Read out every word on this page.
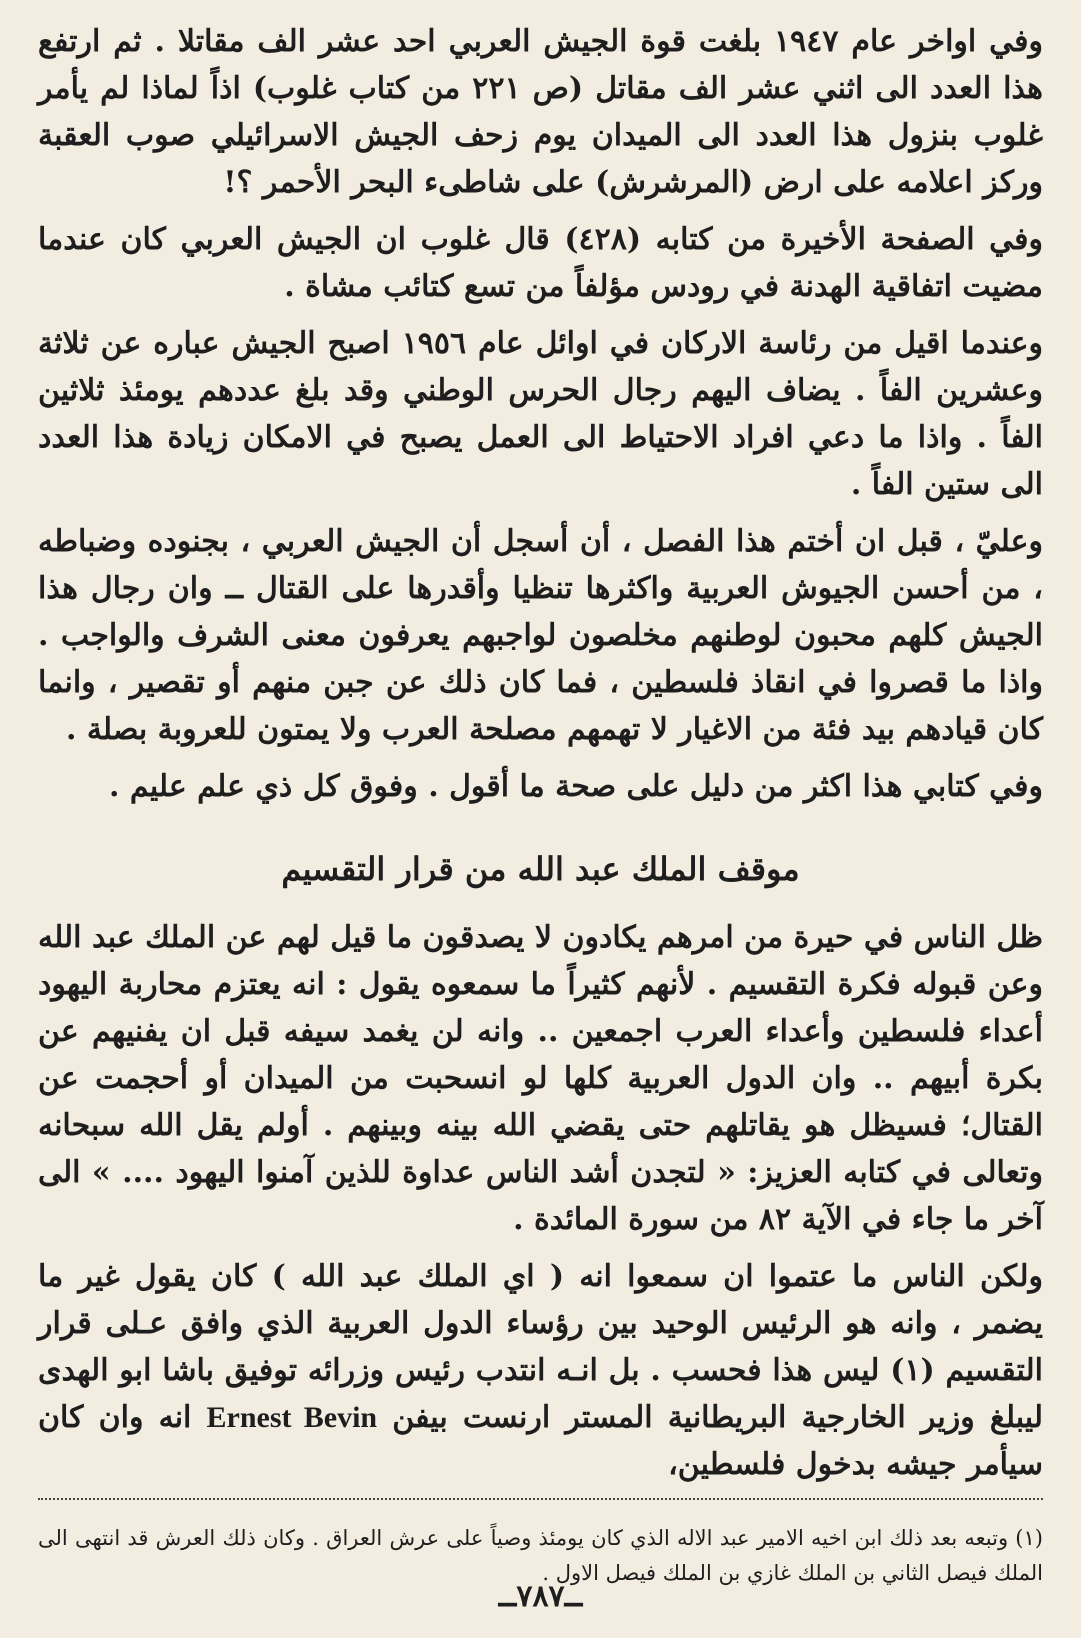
وفي اواخر عام ١٩٤٧ بلغت قوة الجيش العربي احد عشر الف مقاتلا . ثم ارتفع هذا العدد الى اثني عشر الف مقاتل (ص ٢٢١ من كتاب غلوب) اذاً لماذا لم يأمر غلوب بنزول هذا العدد الى الميدان يوم زحف الجيش الاسرائيلي صوب العقبة وركز اعلامه على ارض (المرشرش) على شاطىء البحر الأحمر ؟!

وفي الصفحة الأخيرة من كتابه (٤٢٨) قال غلوب ان الجيش العربي كان عندما مضيت اتفاقية الهدنة في رودس مؤلفاً من تسع كتائب مشاة .

وعندما اقيل من رئاسة الاركان في اوائل عام ١٩٥٦ اصبح الجيش عباره عن ثلاثة وعشرين الفاً . يضاف اليهم رجال الحرس الوطني وقد بلغ عددهم يومئذ ثلاثين الفاً . واذا ما دعي افراد الاحتياط الى العمل يصبح في الامكان زيادة هذا العدد الى ستين الفاً .

وعليّ ، قبل ان أختم هذا الفصل ، أن أسجل أن الجيش العربي ، بجنوده وضباطه ، من أحسن الجيوش العربية واكثرها تنظيا وأقدرها على القتال ــ وان رجال هذا الجيش كلهم محبون لوطنهم مخلصون لواجبهم يعرفون معنى الشرف والواجب . واذا ما قصروا في انقاذ فلسطين ، فما كان ذلك عن جبن منهم أو تقصير ، وانما كان قيادهم بيد فئة من الاغيار لا تهمهم مصلحة العرب ولا يمتون للعروبة بصلة .

وفي كتابي هذا اكثر من دليل على صحة ما أقول . وفوق كل ذي علم عليم .

موقف الملك عبد الله من قرار التقسيم

ظل الناس في حيرة من امرهم يكادون لا يصدقون ما قيل لهم عن الملك عبد الله وعن قبوله فكرة التقسيم . لأنهم كثيراً ما سمعوه يقول : انه يعتزم محاربة اليهود أعداء فلسطين وأعداء العرب اجمعين .. وانه لن يغمد سيفه قبل ان يفنيهم عن بكرة أبيهم .. وان الدول العربية كلها لو انسحبت من الميدان أو أحجمت عن القتال؛ فسيظل هو يقاتلهم حتى يقضي الله بينه وبينهم . أولم يقل الله سبحانه وتعالى في كتابه العزيز: « لتجدن أشد الناس عداوة للذين آمنوا اليهود .... » الى آخر ما جاء في الآية ٨٢ من سورة المائدة .

ولكن الناس ما عتموا ان سمعوا انه ( اي الملك عبد الله ) كان يقول غير ما يضمر ، وانه هو الرئيس الوحيد بين رؤساء الدول العربية الذي وافق عـلى قرار التقسيم (١) ليس هذا فحسب . بل انـه انتدب رئيس وزرائه توفيق باشا ابو الهدى ليبلغ وزير الخارجية البريطانية المستر ارنست بيفن Ernest Bevin انه وان كان سيأمر جيشه بدخول فلسطين،

(١) وتبعه بعد ذلك ابن اخيه الامير عبد الاله الذي كان يومئذ وصياً على عرش العراق . وكان ذلك العرش قد انتهى الى الملك فيصل الثاني بن الملك غازي بن الملك فيصل الاول .

ــ٧٨٧ــ
